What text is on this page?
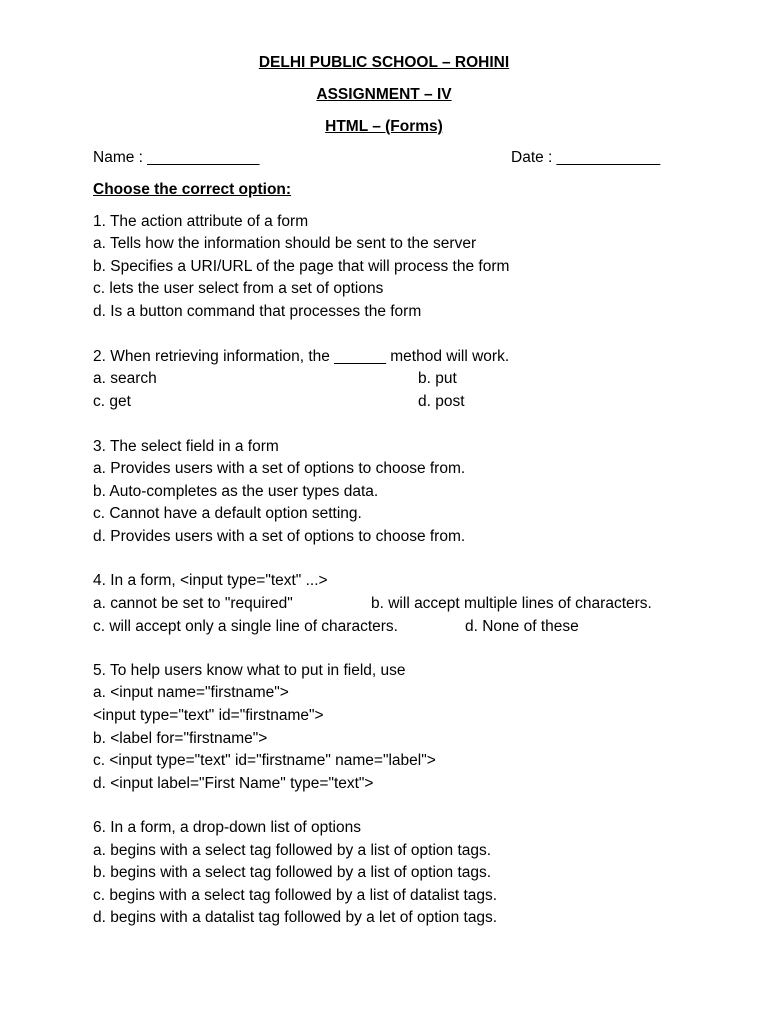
DELHI PUBLIC SCHOOL – ROHINI
ASSIGNMENT – IV
HTML – (Forms)
Name : _____________	Date : ____________
Choose the correct option:
1. The action attribute of a form
a. Tells how the information should be sent to the server
b. Specifies a URI/URL of the page that will process the form
c. lets the user select from a set of options
d. Is a button command that processes the form
2. When retrieving information, the ______ method will work.
a. search	b. put
c. get	d. post
3. The select field in a form
a. Provides users with a set of options to choose from.
b. Auto-completes as the user types data.
c. Cannot have a default option setting.
d. Provides users with a set of options to choose from.
4. In a form, <input type="text" ...>
a. cannot be set to "required"	b. will accept multiple lines of characters.
c. will accept only a single line of characters.	d. None of these
5. To help users know what to put in field, use
a. <input name="firstname">
<input type="text" id="firstname">
b. <label for="firstname">
c. <input type="text" id="firstname" name="label">
d. <input label="First Name" type="text">
6. In a form, a drop-down list of options
a. begins with a select tag followed by a list of option tags.
b. begins with a select tag followed by a list of option tags.
c. begins with a select tag followed by a list of datalist tags.
d. begins with a datalist tag followed by a let of option tags.
